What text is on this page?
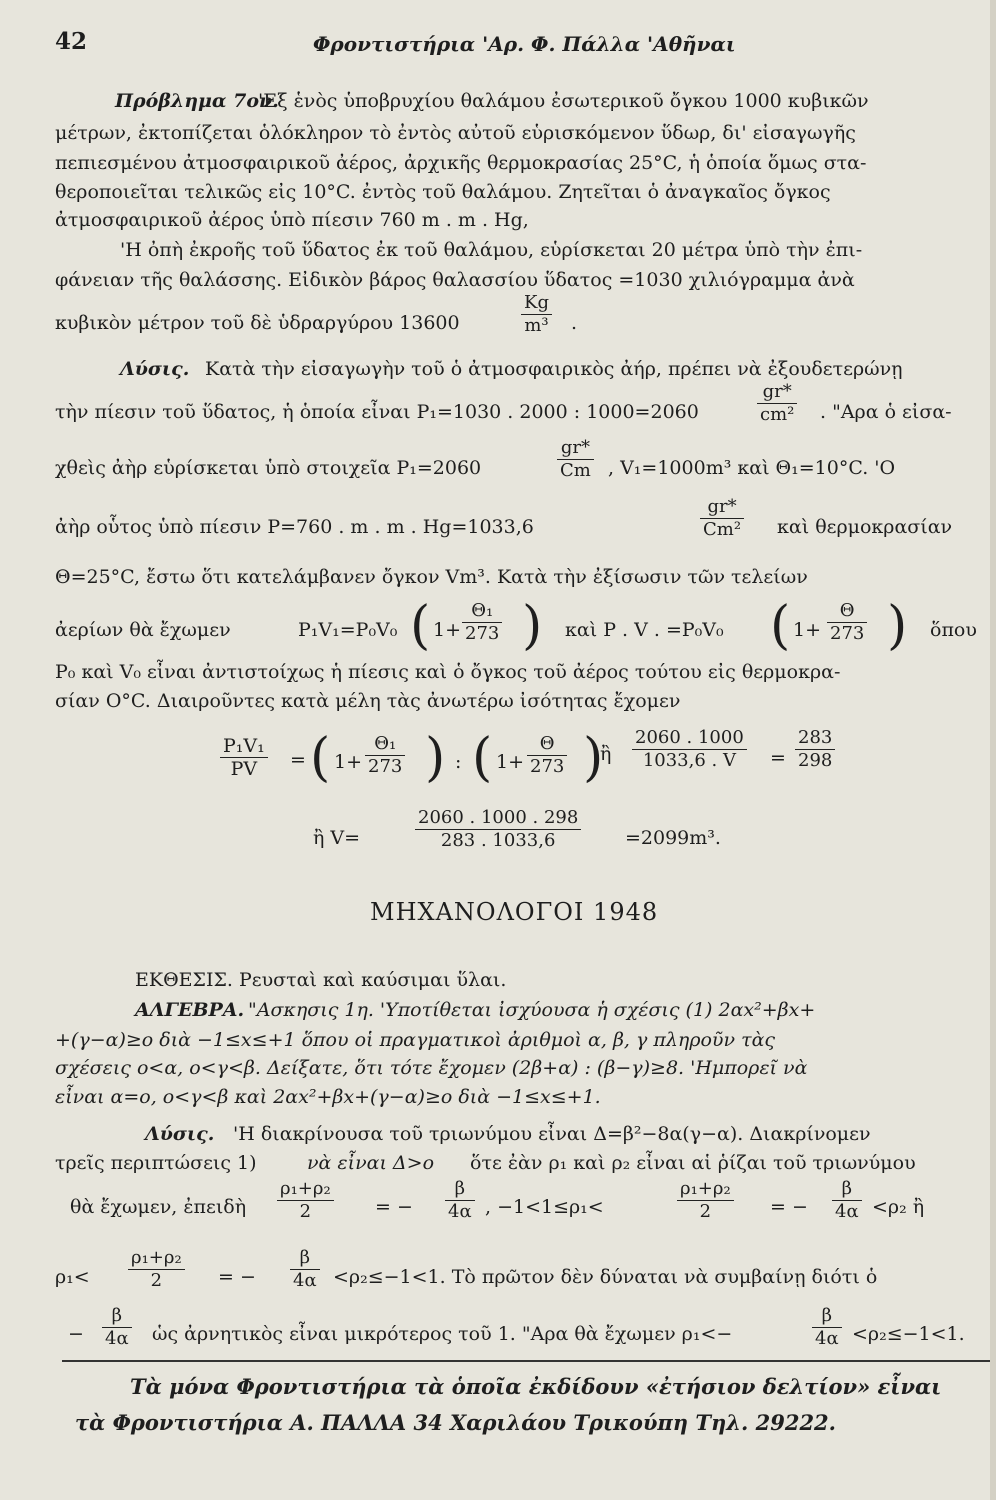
42	Φροντιστήρια 'Αρ. Φ. Πάλλα 'Αθῆναι
Πρόβλημα 7ον.
'Εξ ἑνὸς ὑποβρυχίου θαλάμου ἐσωτερικοῦ ὄγκου 1000 κυβικῶν
μέτρων, ἐκτοπίζεται ὁλόκληρον τὸ ἐντὸς αὐτοῦ εὑρισκόμενον ὕδωρ, δι' εἰσαγωγῆς
πεπιεσμένου ἀτμοσφαιρικοῦ ἀέρος, ἀρχικῆς θερμοκρασίας 25°C, ἡ ὁποία ὅμως στα-
θεροποιεῖται τελικῶς εἰς 10°C. ἐντὸς τοῦ θαλάμου. Ζητεῖται ὁ ἀναγκαῖος ὄγκος
ἀτμοσφαιρικοῦ ἀέρος ὑπὸ πίεσιν 760 m . m . Hg,
'Η ὀπὴ ἐκροῆς τοῦ ὕδατος ἐκ τοῦ θαλάμου, εὑρίσκεται 20 μέτρα ὑπὸ τὴν ἐπι-
φάνειαν τῆς θαλάσσης. Εἰδικὸν βάρος θαλασσίου ὕδατος =1030 χιλιόγραμμα ἀνὰ
κυβικὸν μέτρον τοῦ δὲ ὑδραργύρου 13600	$\frac{Kg}{\text{m³}}$ .
Λύσις. Κατὰ τὴν εἰσαγωγὴν τοῦ ὁ ἀτμοσφαιρικὸς ἀήρ, πρέπει νὰ ἐξουδετερώνῃ
τὴν πίεσιν τοῦ ὕδατος, ἡ ὁποία εἶναι P₁=1030 . 2000 : 1000=2060	$\frac{gr*}{\text{cm²}}$ . "Αρα ὁ εἰσα-
χθεὶς ἀὴρ εὑρίσκεται ὑπὸ στοιχεῖα P₁=2060	$\frac{gr*}{Cm}$ , V₁=1000m³ καὶ Θ₁=10°C. 'Ο
ἀὴρ οὗτος ὑπὸ πίεσιν P=760 . m . m . Hg=1033,6	$\frac{gr*}{\text{Cm²}}$ καὶ θερμοκρασίαν
Θ=25°C, ἔστω ὅτι κατελάμβανεν ὄγκον Vm³. Κατὰ τὴν ἐξίσωσιν τῶν τελείων
ἀερίων θὰ ἔχωμεν	P₁V₁=P₀V₀ ( $1+ \frac{\text{Θ₁}}{273}$ ) καὶ P . V . =P₀V₀ ( $1+ \frac{\Theta}{273}$ ) ὅπου
P₀ καὶ V₀ εἶναι ἀντιστοίχως ἡ πίεσις καὶ ὁ ὄγκος τοῦ ἀέρος τούτου εἰς θερμοκρα-
σίαν O°C. Διαιροῦντες κατὰ μέλη τὰς ἀνωτέρω ἰσότητας ἔχομεν
$\frac{\text{P₁V₁}}{PV}$ = ( $1+ \frac{\text{Θ₁}}{273}$ ) : ( $1+ \frac{\Theta}{273}$ )
ἢ $\frac{2060 . 1000}{1033,6 . V} = \frac{283}{298}$
ἢ V=	$\frac{2060 . 1000 . 298}{283 . 1033,6} =2099m^3$.
ΜΗΧΑΝΟΛΟΓΟΙ 1948
ΕΚΘΕΣΙΣ. Ρευσταὶ καὶ καύσιμαι ὕλαι.
ΑΛΓΕΒΡΑ. "Ασκησις 1η. 'Υποτίθεται ἰσχύουσα ἡ σχέσις (1) 2αx²+βx+
+(γ−α)≥ο διὰ −1≤x≤+1 ὅπου οἱ πραγματικοὶ ἀριθμοὶ α, β, γ πληροῦν τὰς
σχέσεις ο<α, ο<γ<β. Δείξατε, ὅτι τότε ἔχομεν (2β+α) : (β−γ)≥8. 'Ημπορεῖ νὰ
εἶναι α=ο, ο<γ<β καὶ 2αx²+βx+(γ−α)≥ο διὰ −1≤x≤+1.
Λύσις. 'Η διακρίνουσα τοῦ τριωνύμου εἶναι Δ=β²−8α(γ−α). Διακρίνομεν
τρεῖς περιπτώσεις 1)	νὰ εἶναι Δ>ο ὅτε ἐὰν ρ₁ καὶ ρ₂ εἶναι αἱ ῥίζαι τοῦ τριωνύμου
θὰ ἔχωμεν, ἐπειδὴ $\frac{\text{ρ₁+ρ₂}}{2}$ = − $\frac{\beta}{4\alpha}$ , −1<1≤ρ₁<	$\frac{\text{ρ₁+ρ₂}}{2}$ = − $\frac{\beta}{4\alpha} <\rho_2$ ἢ
$\rho_1< \frac{\text{ρ₁+ρ₂}}{2}$ = − $\frac{\beta}{4\alpha} <\rho_2\le-1<1$. Τὸ πρῶτον δὲν δύναται νὰ συμβαίνῃ διότι ὁ
− $\frac{\beta}{4\alpha}$ ὡς ἀρνητικὸς εἶναι μικρότερος τοῦ 1. "Αρα θὰ ἔχωμεν ρ₁<−	$\frac{\beta}{4\alpha} <\rho_2\le-1<1$.
Τὰ μόνα Φροντιστήρια τὰ ὁποῖα ἐκδίδουν «ἐτήσιον δελτίον» εἶναι
τὰ Φροντιστήρια Α. ΠΑΛΛΑ 34 Χαριλάου Τρικούπη Τηλ. 29222.
